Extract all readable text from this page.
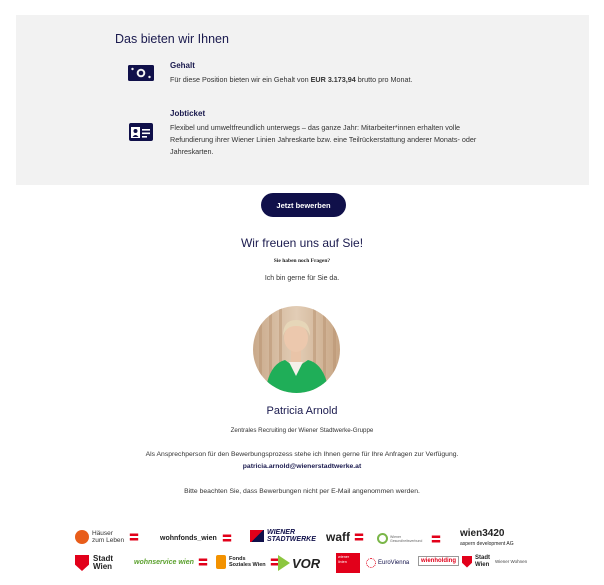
Das bieten wir Ihnen
Gehalt
Für diese Position bieten wir ein Gehalt von EUR 3.173,94 brutto pro Monat.
Jobticket
Flexibel und umweltfreundlich unterwegs – das ganze Jahr: Mitarbeiter*innen erhalten volle Refundierung ihrer Wiener Linien Jahreskarte bzw. eine Teilrückerstattung anderer Monats- oder Jahreskarten.
Jetzt bewerben
Wir freuen uns auf Sie!
Sie haben noch Fragen?
Ich bin gerne für Sie da.
Patricia Arnold
Zentrales Recruiting der Wiener Stadtwerke-Gruppe
Als Ansprechperson für den Bewerbungsprozess stehe ich Ihnen gerne für Ihre Anfragen zur Verfügung.
patricia.arnold@wienerstadtwerke.at
Bitte beachten Sie, dass Bewerbungen nicht per E-Mail angenommen werden.
Häuser
zum Leben	wohnfonds_wien
WIENER
STADTWERKE waff	Wiener Gesundheitsverbund
wien3420
aspern development AG
Stadt
Wien	wohnservice wien	Fonds
Soziales Wien VOR	wiener linien	EuroVienna	wienholding	Stadt
Wien Wiener Wohnen
